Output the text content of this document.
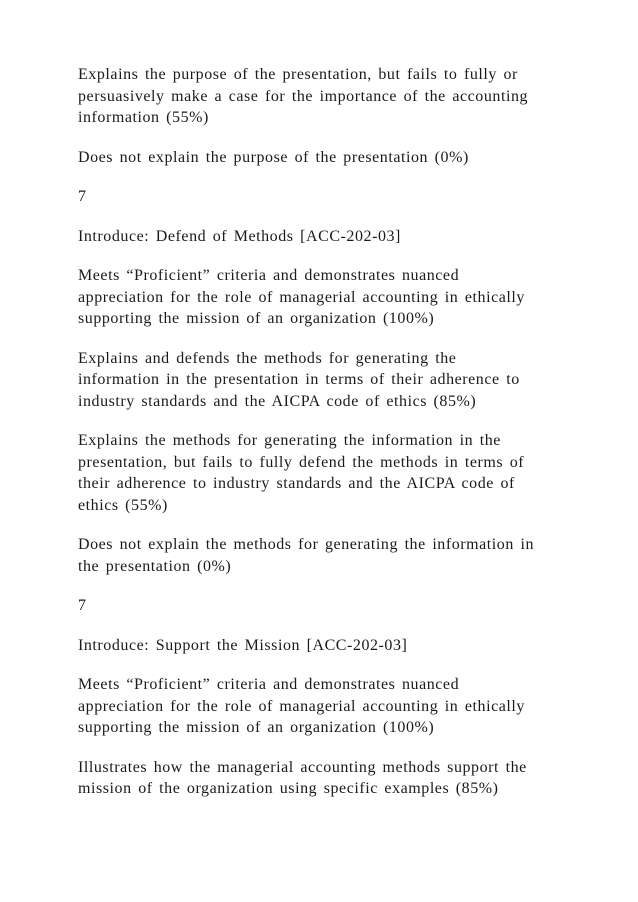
Explains the purpose of the presentation, but fails to fully or
persuasively make a case for the importance of the accounting
information (55%)

Does not explain the purpose of the presentation (0%)

7

Introduce: Defend of Methods [ACC-202-03]

Meets “Proficient” criteria and demonstrates nuanced
appreciation for the role of managerial accounting in ethically
supporting the mission of an organization (100%)

Explains and defends the methods for generating the
information in the presentation in terms of their adherence to
industry standards and the AICPA code of ethics (85%)

Explains the methods for generating the information in the
presentation, but fails to fully defend the methods in terms of
their adherence to industry standards and the AICPA code of
ethics (55%)

Does not explain the methods for generating the information in
the presentation (0%)

7

Introduce: Support the Mission [ACC-202-03]

Meets “Proficient” criteria and demonstrates nuanced
appreciation for the role of managerial accounting in ethically
supporting the mission of an organization (100%)

Illustrates how the managerial accounting methods support the
mission of the organization using specific examples (85%)
